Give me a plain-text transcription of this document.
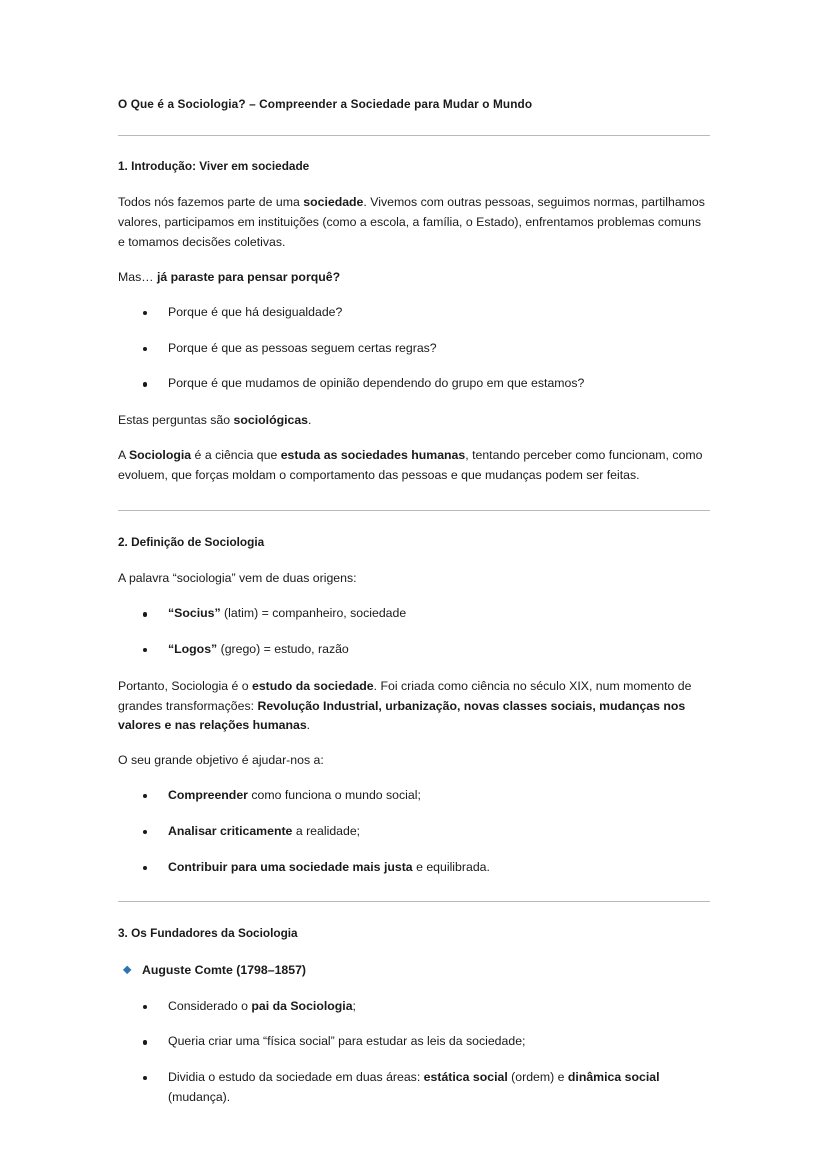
O Que é a Sociologia? – Compreender a Sociedade para Mudar o Mundo
1. Introdução: Viver em sociedade

Todos nós fazemos parte de uma sociedade. Vivemos com outras pessoas, seguimos normas, partilhamos valores, participamos em instituições (como a escola, a família, o Estado), enfrentamos problemas comuns e tomamos decisões coletivas.

Mas… já paraste para pensar porquê?

Porque é que há desigualdade?
Porque é que as pessoas seguem certas regras?
Porque é que mudamos de opinião dependendo do grupo em que estamos?

Estas perguntas são sociológicas.

A Sociologia é a ciência que estuda as sociedades humanas, tentando perceber como funcionam, como evoluem, que forças moldam o comportamento das pessoas e que mudanças podem ser feitas.

2. Definição de Sociologia

A palavra “sociologia” vem de duas origens:

“Socius” (latim) = companheiro, sociedade
“Logos” (grego) = estudo, razão

Portanto, Sociologia é o estudo da sociedade. Foi criada como ciência no século XIX, num momento de grandes transformações: Revolução Industrial, urbanização, novas classes sociais, mudanças nos valores e nas relações humanas.

O seu grande objetivo é ajudar-nos a:

Compreender como funciona o mundo social;
Analisar criticamente a realidade;
Contribuir para uma sociedade mais justa e equilibrada.
3. Os Fundadores da Sociologia
Auguste Comte (1798–1857)
Considerado o pai da Sociologia;
Queria criar uma “física social” para estudar as leis da sociedade;
Dividia o estudo da sociedade em duas áreas: estática social (ordem) e dinâmica social (mudança).
